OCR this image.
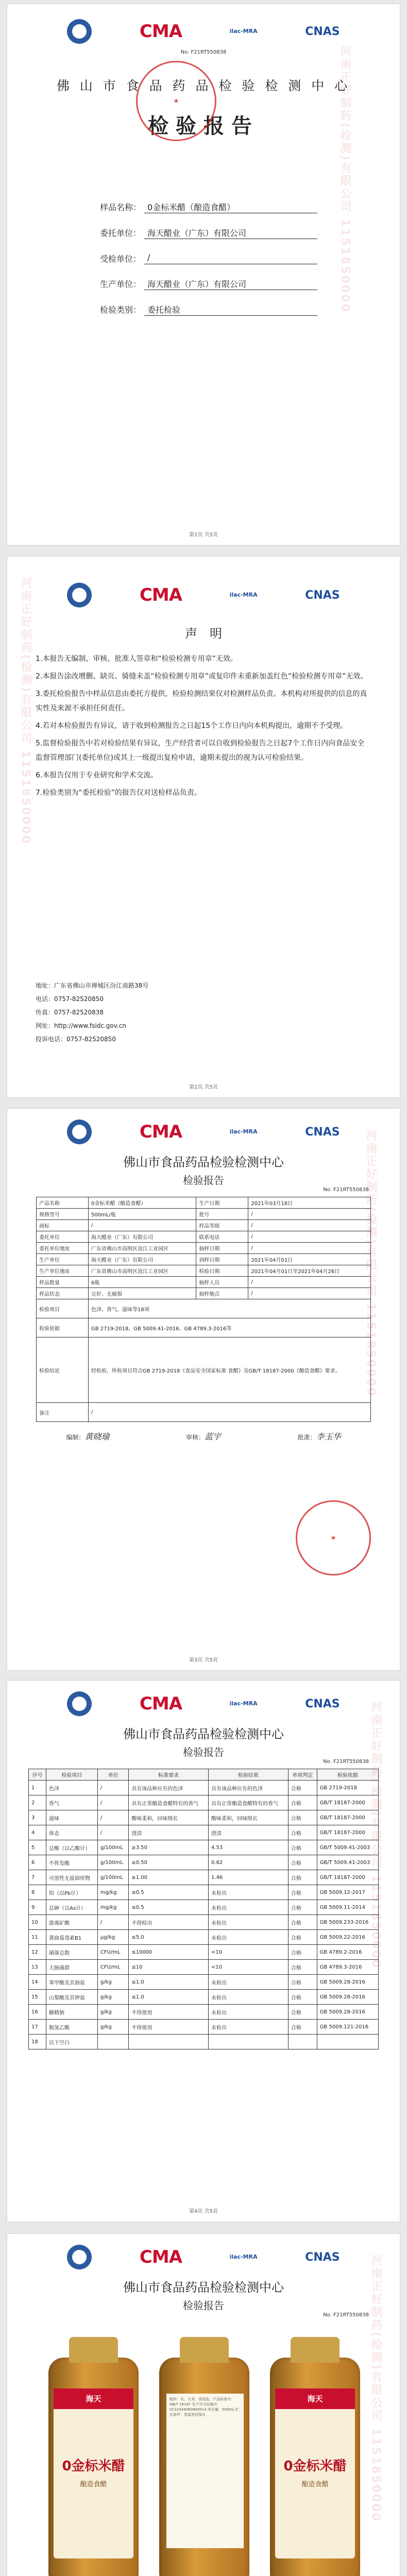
河南正好制药(检测)有限公司 1151850000
CMA	ilac-MRA	CNAS
No. F21RT550838
佛 山 市 食 品 药 品 检 验 检 测 中 心
检验报告
★
样品名称： 0金标米醋（酿造食醋）
委托单位： 海天醋业（广东）有限公司
受检单位： /
生产单位： 海天醋业（广东）有限公司
检验类别： 委托检验
第1页 共5页
河南正好制药(检测)有限公司 1151850000	CMA	ilac-MRA	CNAS
声　明

1.本报告无编制、审核、批准人签章和“检验检测专用章”无效。

2.本报告涂改增删、缺页、骑缝未盖“检验检测专用章”或复印件未重新加盖红色“检验检测专用章”无效。

3.委托检验报告中样品信息由委托方提供，检验检测结果仅对检测样品负责。本机构对所提供的信息的真实性及来源不承担任何责任。

4.若对本检验报告有异议，请于收到检测报告之日起15个工作日内向本机构提出，逾期不予受理。

5.监督检验报告中若对检验结果有异议，生产经营者可以自收到检验报告之日起7个工作日内向食品安全监督管理部门(委托单位)或其上一级提出复检申请，逾期未提出的视为认可检验结果。

6.本报告仅用于专业研究和学术交流。

7.检验类别为“委托检验”的报告仅对送检样品负责。

地址：广东省佛山市禅城区汾江南路38号
电话：0757-82520850
传真：0757-82520838
网址：http://www.fsidc.gov.cn
投诉电话：0757-82520850
第2页 共5页
河南正好制药(检测)有限公司 1151850000
CMA	ilac-MRA	CNAS
佛山市食品药品检验检测中心
检验报告
No. F21RT550838
产品名称	0金标米醋（酿造食醋）	生产日期	2021年03月18日
规格型号	500mL/瓶	批号	/
商标	/	样品等级	/
委托单位	海天醋业（广东）有限公司	联系电话	/
委托单位地址	广东省佛山市高明区沧江工业园区	抽样日期	/
生产单位	海天醋业（广东）有限公司	到样日期	2021年04月01日
生产单位地址	广东省佛山市高明区沧江工业园区	检验日期	2021年04月01日至2021年04月26日
样品数量	6瓶	抽样人员	/
样品状态	完好、无破损	抽样地点	/
检验项目	色泽、香气、滋味等18项		
检验依据	GB 2719-2018、GB 5009.41-2016、GB 4789.3-2016等		
检验结论	经检验，所检项目符合GB 2719-2018《食品安全国家标准 食醋》及GB/T 18187-2000《酿造食醋》要求。		
备注	/		
编制：黄晓瑜	审核：蓝宇	批准：李玉华
★
第3页 共5页
河南正好制药(检测)有限公司 1151850000
CMA	ilac-MRA	CNAS
佛山市食品药品检验检测中心
检验报告
No. F21RT550838
序号	检验项目	单位	标准要求	检验结果	单项判定	检验依据
1	色泽	/	具有该品种应有的色泽	具有该品种应有的色泽	合格	GB 2719-2018
2	香气	/	具有正常酿造食醋特有的香气	具有正常酿造食醋特有的香气	合格	GB/T 18187-2000
3	滋味	/	酸味柔和，回味绵长	酸味柔和，回味绵长	合格	GB/T 18187-2000
4	体态	/	澄清	澄清	合格	GB/T 18187-2000
5	总酸（以乙酸计）	g/100mL	≥3.50	4.53	合格	GB/T 5009.41-2003
6	不挥发酸	g/100mL	≥0.50	0.62	合格	GB/T 5009.41-2003
7	可溶性无盐固形物	g/100mL	≥1.00	1.46	合格	GB/T 18187-2000
8	铅（以Pb计）	mg/kg	≤0.5	未检出	合格	GB 5009.12-2017
9	总砷（以As计）	mg/kg	≤0.5	未检出	合格	GB 5009.11-2014
10	游离矿酸	/	不得检出	未检出	合格	GB 5009.233-2016
11	黄曲霉毒素B1	μg/kg	≤5.0	未检出	合格	GB 5009.22-2016
12	菌落总数	CFU/mL	≤10000	<10	合格	GB 4789.2-2016
13	大肠菌群	CFU/mL	≤10	<10	合格	GB 4789.3-2016
14	苯甲酸及其钠盐	g/kg	≤1.0	未检出	合格	GB 5009.28-2016
15	山梨酸及其钾盐	g/kg	≤1.0	未检出	合格	GB 5009.28-2016
16	糖精钠	g/kg	不得使用	未检出	合格	GB 5009.28-2016
17	脱氢乙酸	g/kg	不得使用	未检出	合格	GB 5009.121-2016
18	以下空白					
第4页 共5页
河南正好制药(检测)有限公司 1151850000
CMA	ilac-MRA	CNAS
佛山市食品药品检验检测中心
检验报告
No. F21RT550838
海天
0金标米醋
酿造食醋
配料：水、大米、食用盐。产品标准号：GB/T 18187 生产许可证编号：SC10344060800014 净含量：500mL 贮存条件：常温密封保存
海天
0金标米醋
酿造食醋
